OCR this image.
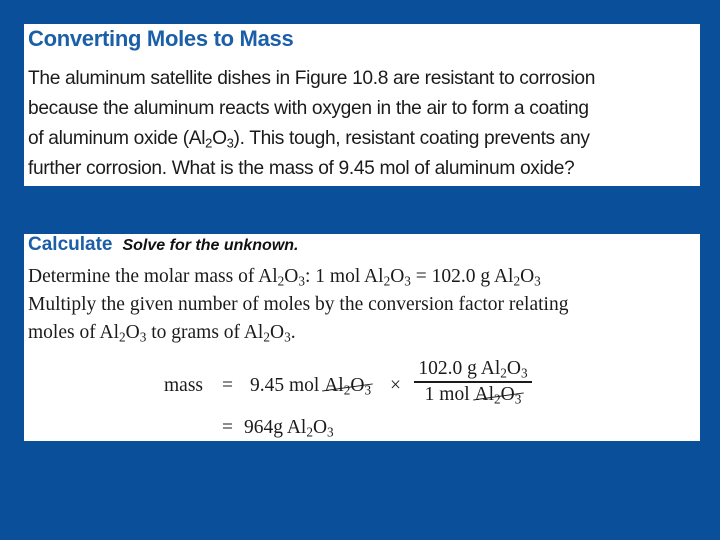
Converting Moles to Mass
The aluminum satellite dishes in Figure 10.8 are resistant to corrosion
because the aluminum reacts with oxygen in the air to form a coating
of aluminum oxide $(Al_2O_3)$. This tough, resistant coating prevents any
further corrosion. What is the mass of 9.45 mol of aluminum oxide?
Calculate Solve for the unknown.
Determine the molar mass of $Al_2O_3$: 1 mol $Al_2O_3 = 102.0$ g $Al_2O_3$
Multiply the given number of moles by the conversion factor relating
moles of $Al_2O_3$ to grams of $Al_2O_3$.
mass = 9.45 mol $Al_2O_3$ ×
102.0 g $Al_2O_3$
1 mol $Al_2O_3$
= 964g $Al_2O_3$
